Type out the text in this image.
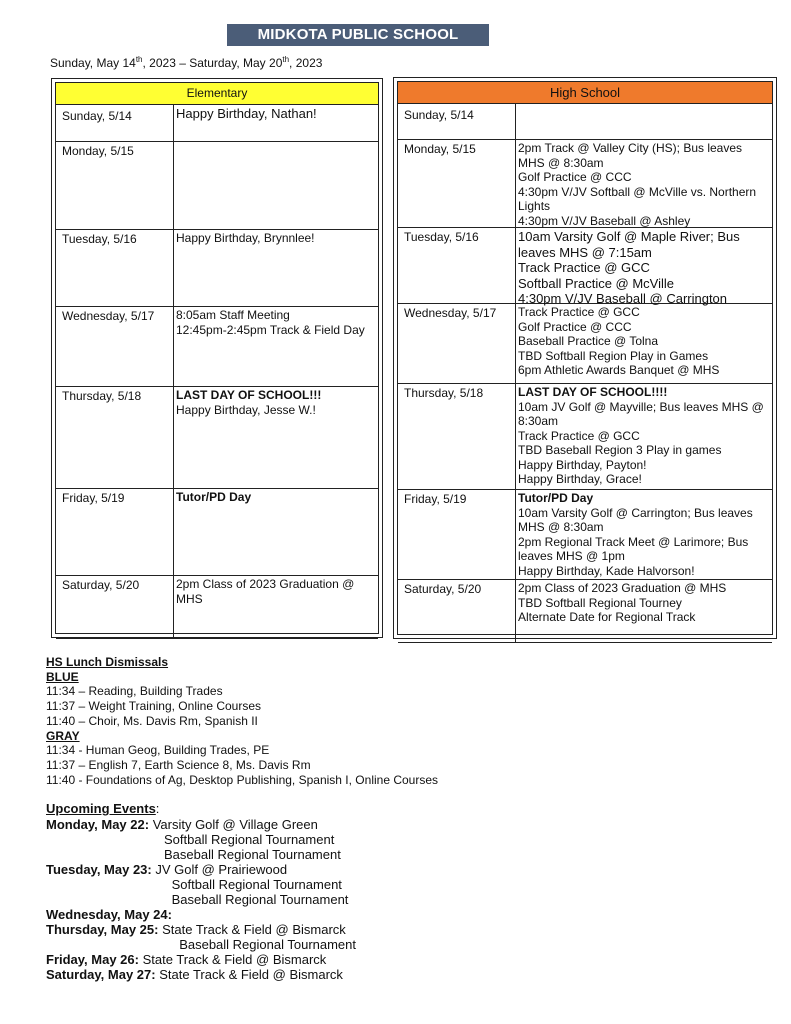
MIDKOTA PUBLIC SCHOOL
Sunday, May 14th, 2023 – Saturday, May 20th, 2023
Elementary
Sunday, 5/14	Happy Birthday, Nathan!
Monday, 5/15
Tuesday, 5/16	Happy Birthday, Brynnlee!
Wednesday, 5/17	8:05am Staff Meeting
12:45pm-2:45pm Track & Field Day
Thursday, 5/18	LAST DAY OF SCHOOL!!!
Happy Birthday, Jesse W.!
Friday, 5/19	Tutor/PD Day
Saturday, 5/20	2pm Class of 2023 Graduation @ MHS
High School
Sunday, 5/14
Monday, 5/15	2pm Track @ Valley City (HS); Bus leaves MHS @ 8:30am
Golf Practice @ CCC
4:30pm V/JV Softball @ McVille vs. Northern Lights
4:30pm V/JV Baseball @ Ashley
Tuesday, 5/16	10am Varsity Golf @ Maple River; Bus leaves MHS @ 7:15am
Track Practice @ GCC
Softball Practice @ McVille
4:30pm V/JV Baseball @ Carrington
Wednesday, 5/17	Track Practice @ GCC
Golf Practice @ CCC
Baseball Practice @ Tolna
TBD Softball Region Play in Games
6pm Athletic Awards Banquet @ MHS
Thursday, 5/18	LAST DAY OF SCHOOL!!!!
10am JV Golf @ Mayville; Bus leaves MHS @ 8:30am
Track Practice @ GCC
TBD Baseball Region 3 Play in games
Happy Birthday, Payton!
Happy Birthday, Grace!
Friday, 5/19	Tutor/PD Day
10am Varsity Golf @ Carrington; Bus leaves MHS @ 8:30am
2pm Regional Track Meet @ Larimore; Bus leaves MHS @ 1pm
Happy Birthday, Kade Halvorson!
Saturday, 5/20	2pm Class of 2023 Graduation @ MHS
TBD Softball Regional Tourney
Alternate Date for Regional Track
HS Lunch Dismissals
BLUE
11:34 – Reading, Building Trades
11:37 – Weight Training, Online Courses
11:40 – Choir, Ms. Davis Rm, Spanish II
GRAY
11:34 - Human Geog, Building Trades, PE
11:37 – English 7, Earth Science 8, Ms. Davis Rm
11:40 - Foundations of Ag, Desktop Publishing, Spanish I, Online Courses
Upcoming Events:
Monday, May 22: Varsity Golf @ Village Green
Softball Regional Tournament
Baseball Regional Tournament
Tuesday, May 23: JV Golf @ Prairiewood
Softball Regional Tournament
Baseball Regional Tournament
Wednesday, May 24:
Thursday, May 25: State Track & Field @ Bismarck
Baseball Regional Tournament
Friday, May 26: State Track & Field @ Bismarck
Saturday, May 27: State Track & Field @ Bismarck
